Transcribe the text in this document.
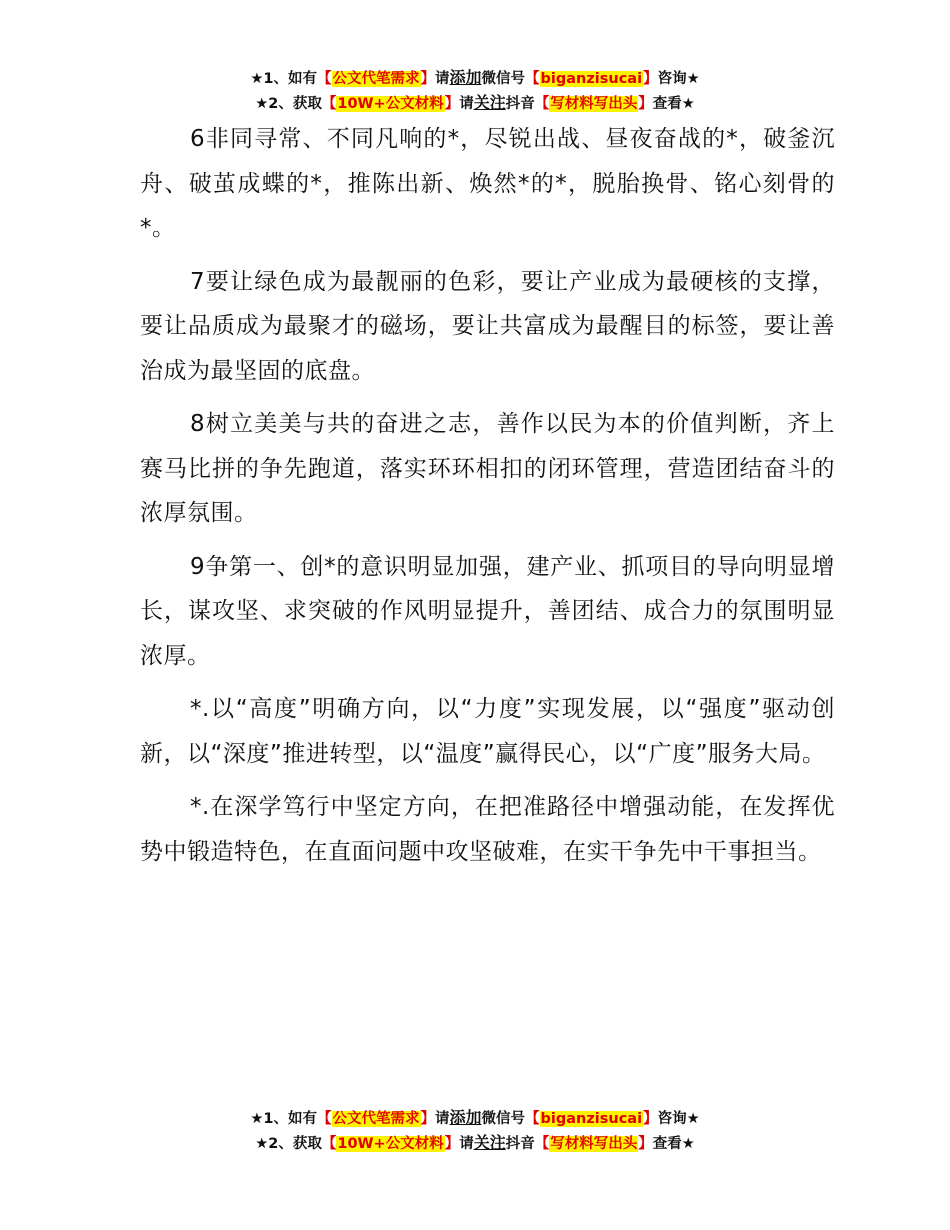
★1、如有【公文代笔需求】请添加微信号【biganzisucai】咨询★
★2、获取【10W+公文材料】请关注抖音【写材料写出头】查看★

6非同寻常、不同凡响的*，尽锐出战、昼夜奋战的*，破釜沉舟、破茧成蝶的*，推陈出新、焕然*的*，脱胎换骨、铭心刻骨的*。

7要让绿色成为最靓丽的色彩，要让产业成为最硬核的支撑，要让品质成为最聚才的磁场，要让共富成为最醒目的标签，要让善治成为最坚固的底盘。

8树立美美与共的奋进之志，善作以民为本的价值判断，齐上赛马比拼的争先跑道，落实环环相扣的闭环管理，营造团结奋斗的浓厚氛围。

9争第一、创*的意识明显加强，建产业、抓项目的导向明显增长，谋攻坚、求突破的作风明显提升，善团结、成合力的氛围明显浓厚。

*.以“高度”明确方向，以“力度”实现发展，以“强度”驱动创新，以“深度”推进转型，以“温度”赢得民心，以“广度”服务大局。

*.在深学笃行中坚定方向，在把准路径中增强动能，在发挥优势中锻造特色，在直面问题中攻坚破难，在实干争先中干事担当。

★1、如有【公文代笔需求】请添加微信号【biganzisucai】咨询★
★2、获取【10W+公文材料】请关注抖音【写材料写出头】查看★
